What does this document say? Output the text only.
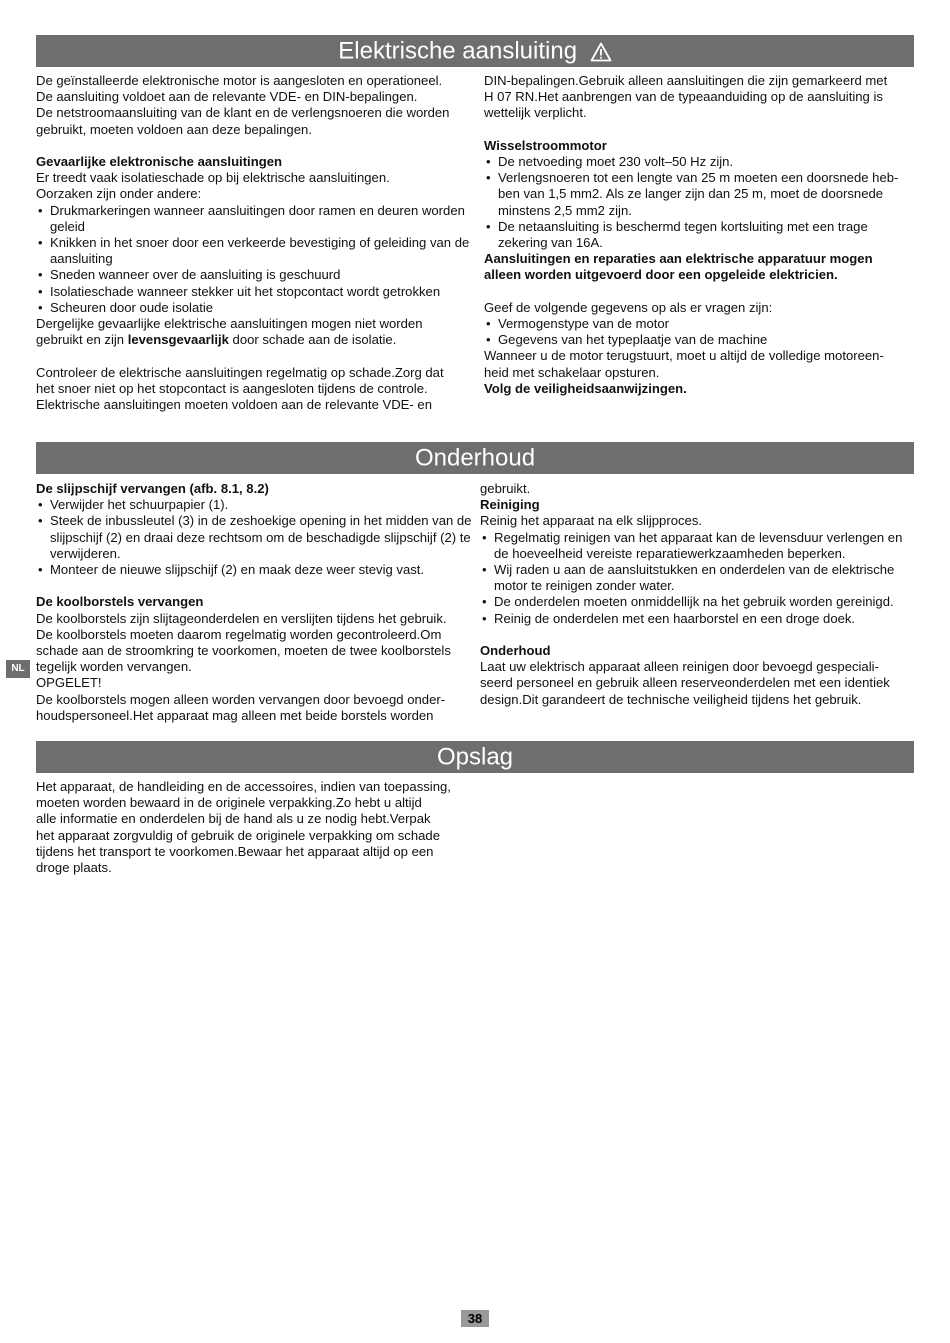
Elektrische aansluiting

De geïnstalleerde elektronische motor is aangesloten en operationeel.

De aansluiting voldoet aan de relevante VDE- en DIN-bepalingen.

De netstroomaansluiting van de klant en de verlengsnoeren die worden

gebruikt, moeten voldoen aan deze bepalingen.

Gevaarlijke elektronische aansluitingen

Er treedt vaak isolatieschade op bij elektrische aansluitingen.

Oorzaken zijn onder andere:

• Drukmarkeringen wanneer aansluitingen door ramen en deuren worden geleid
• Knikken in het snoer door een verkeerde bevestiging of geleiding van de aansluiting
• Sneden wanneer over de aansluiting is geschuurd
• Isolatieschade wanneer stekker uit het stopcontact wordt getrokken
• Scheuren door oude isolatie

Dergelijke gevaarlijke elektrische aansluitingen mogen niet worden

gebruikt en zijn levensgevaarlijk door schade aan de isolatie.

Controleer de elektrische aansluitingen regelmatig op schade.Zorg dat

het snoer niet op het stopcontact is aangesloten tijdens de controle.

Elektrische aansluitingen moeten voldoen aan de relevante VDE- en

DIN-bepalingen.Gebruik alleen aansluitingen die zijn gemarkeerd met

H 07 RN.Het aanbrengen van de typeaanduiding op de aansluiting is

wettelijk verplicht.

Wisselstroommotor
• De netvoeding moet 230 volt–50 Hz zijn.
• Verlengsnoeren tot een lengte van 25 m moeten een doorsnede heb-ben van 1,5 mm2. Als ze langer zijn dan 25 m, moet de doorsnede minstens 2,5 mm2 zijn.
• De netaansluiting is beschermd tegen kortsluiting met een trage zekering van 16A.

Aansluitingen en reparaties aan elektrische apparatuur mogen

alleen worden uitgevoerd door een opgeleide elektricien.

Geef de volgende gegevens op als er vragen zijn:

• Vermogenstype van de motor
• Gegevens van het typeplaatje van de machine

Wanneer u de motor terugstuurt, moet u altijd de volledige motoreen-

heid met schakelaar opsturen.

Volg de veiligheidsaanwijzingen.

Onderhoud
De slijpschijf vervangen (afb. 8.1, 8.2)
• Verwijder het schuurpapier (1).
• Steek de inbussleutel (3) in de zeshoekige opening in het midden van de slijpschijf (2) en draai deze rechtsom om de beschadigde slijpschijf (2) te verwijderen.
• Monteer de nieuwe slijpschijf (2) en maak deze weer stevig vast.
De koolborstels vervangen

De koolborstels zijn slijtageonderdelen en verslijten tijdens het gebruik.

De koolborstels moeten daarom regelmatig worden gecontroleerd.Om

schade aan de stroomkring te voorkomen, moeten de twee koolborstels

tegelijk worden vervangen.

OPGELET!

De koolborstels mogen alleen worden vervangen door bevoegd onder-

houdspersoneel.Het apparaat mag alleen met beide borstels worden

gebruikt.

Reiniging

Reinig het apparaat na elk slijpproces.

• Regelmatig reinigen van het apparaat kan de levensduur verlengen en de hoeveelheid vereiste reparatiewerkzaamheden beperken.
• Wij raden u aan de aansluitstukken en onderdelen van de elektrische motor te reinigen zonder water.
• De onderdelen moeten onmiddellijk na het gebruik worden gereinigd.
• Reinig de onderdelen met een haarborstel en een droge doek.
Onderhoud

Laat uw elektrisch apparaat alleen reinigen door bevoegd gespeciali-

seerd personeel en gebruik alleen reserveonderdelen met een identiek

design.Dit garandeert de technische veiligheid tijdens het gebruik.

NL
Opslag

Het apparaat, de handleiding en de accessoires, indien van toepassing,

moeten worden bewaard in de originele verpakking.Zo hebt u altijd

alle informatie en onderdelen bij de hand als u ze nodig hebt.Verpak

het apparaat zorgvuldig of gebruik de originele verpakking om schade

tijdens het transport te voorkomen.Bewaar het apparaat altijd op een

droge plaats.

38
